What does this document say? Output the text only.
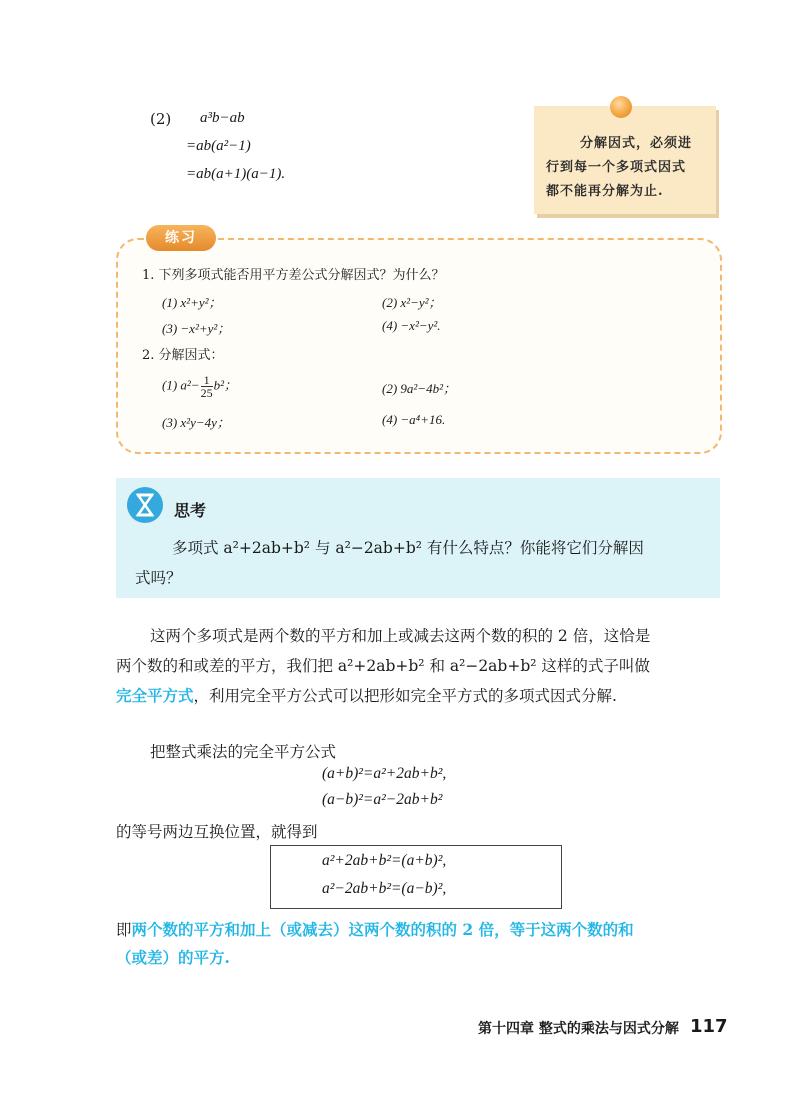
(2) a³b−ab
=ab(a²−1)
=ab(a+1)(a−1).
分解因式，必须进
行到每一个多项式因式
都不能再分解为止.
练习
1. 下列多项式能否用平方差公式分解因式？为什么？
(1) x²+y²；	(2) x²−y²；
(3) −x²+y²；	(4) −x²−y².
2. 分解因式：
(1) $a^2- \frac{1}{25} b^2$；	(2) 9a²−4b²；
(3) x²y−4y；	(4) −a⁴+16.
思考
多项式 a²+2ab+b² 与 a²−2ab+b² 有什么特点？你能将它们分解因
式吗？
这两个多项式是两个数的平方和加上或减去这两个数的积的 2 倍，这恰是
两个数的和或差的平方，我们把 a²+2ab+b² 和 a²−2ab+b² 这样的式子叫做
完全平方式，利用完全平方公式可以把形如完全平方式的多项式因式分解.
把整式乘法的完全平方公式
(a+b)²=a²+2ab+b²,
(a−b)²=a²−2ab+b²
的等号两边互换位置，就得到
a²+2ab+b²=(a+b)²,
a²−2ab+b²=(a−b)²,
即两个数的平方和加上（或减去）这两个数的积的 2 倍，等于这两个数的和
（或差）的平方.
第十四章 整式的乘法与因式分解 117
